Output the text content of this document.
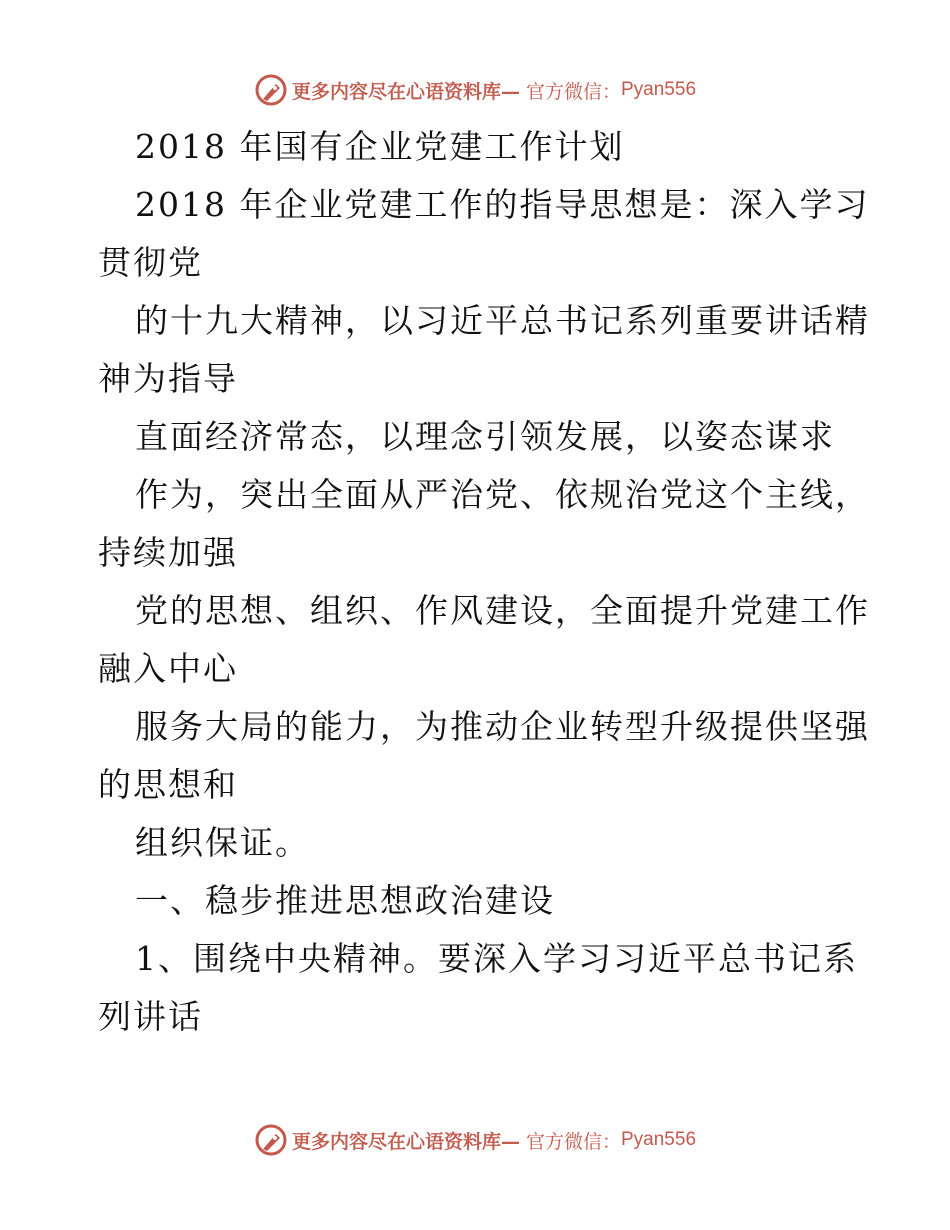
更多内容尽在心语资料库— 官方微信： Pyan556
2018 年国有企业党建工作计划
2018 年企业党建工作的指导思想是：深入学习
贯彻党
的十九大精神，以习近平总书记系列重要讲话精
神为指导
直面经济常态，以理念引领发展，以姿态谋求
作为，突出全面从严治党、依规治党这个主线，
持续加强
党的思想、组织、作风建设，全面提升党建工作
融入中心
服务大局的能力，为推动企业转型升级提供坚强
的思想和
组织保证。
一、稳步推进思想政治建设
1、围绕中央精神。要深入学习习近平总书记系
列讲话
更多内容尽在心语资料库— 官方微信： Pyan556
